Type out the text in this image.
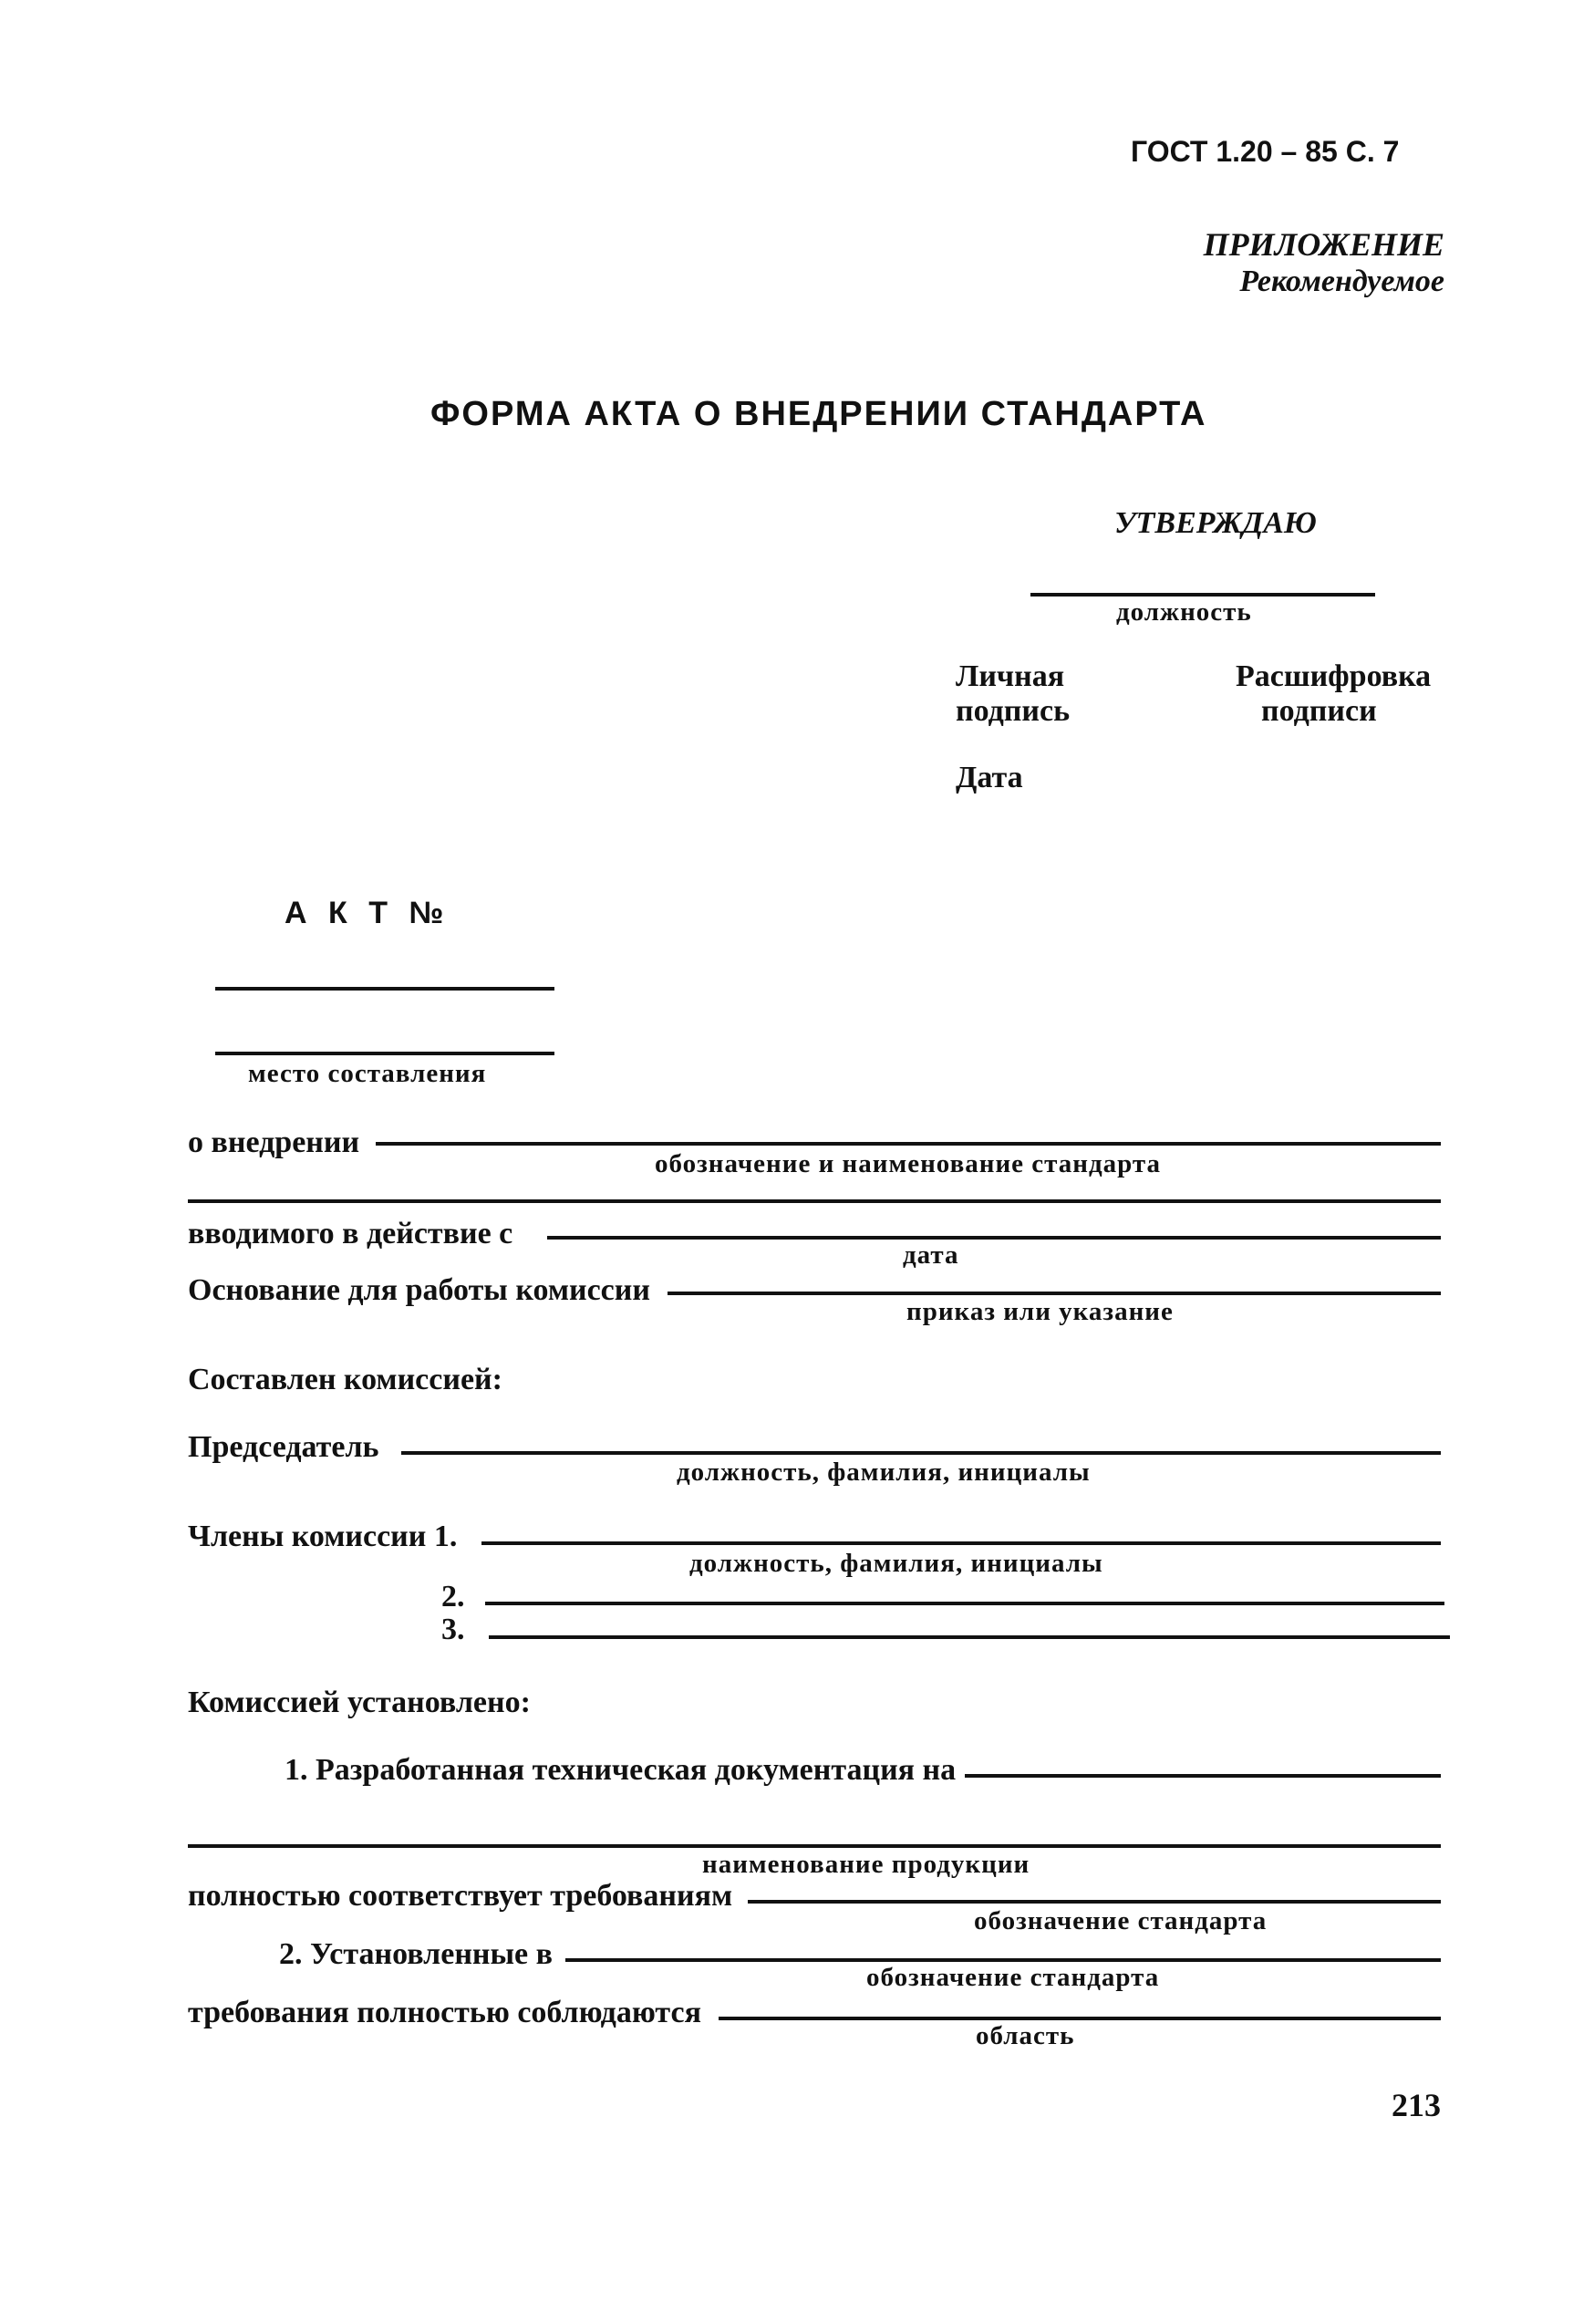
ГОСТ 1.20 – 85 С. 7
ПРИЛОЖЕНИЕ
Рекомендуемое
ФОРМА АКТА О ВНЕДРЕНИИ СТАНДАРТА
УТВЕРЖДАЮ
должность
Личная
подпись
Расшифровка
подписи
Дата
А К Т №
место составления
о внедрении
обозначение и наименование стандарта
вводимого в действие с
дата
Основание для работы комиссии
приказ или указание
Составлен комиссией:
Председатель
должность, фамилия, инициалы
Члены комиссии 1.
должность, фамилия, инициалы
2.
3.
Комиссией установлено:
1. Разработанная техническая документация на
наименование продукции
полностью соответствует требованиям
обозначение стандарта
2. Установленные в
обозначение стандарта
требования полностью соблюдаются
область
213
